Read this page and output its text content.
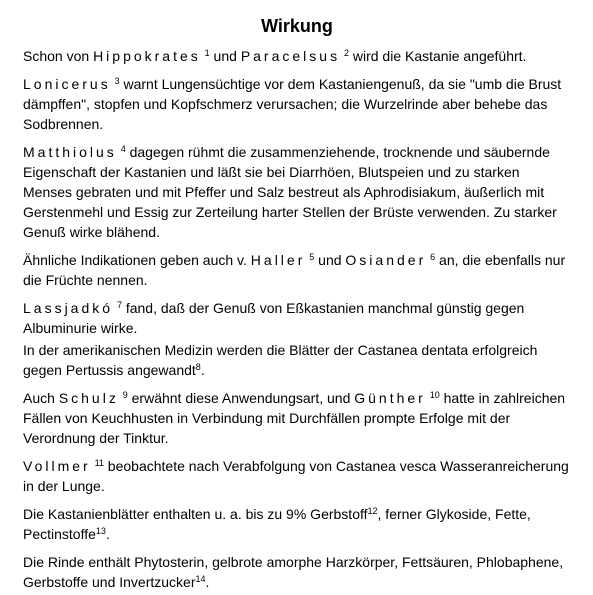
Wirkung

Schon von Hippokrates $^1$ und Paracelsus $^2$ wird die Kastanie angeführt.

Lonicerus $^3$ warnt Lungensüchtige vor dem Kastaniengenuß, da sie "umb die Brust dämpffen", stopfen und Kopfschmerz verursachen; die Wurzelrinde aber behebe das Sodbrennen.

Matthiolus $^4$ dagegen rühmt die zusammenziehende, trocknende und säubernde Eigenschaft der Kastanien und läßt sie bei Diarrhöen, Blutspeien und zu starken Menses gebraten und mit Pfeffer und Salz bestreut als Aphrodisiakum, äußerlich mit Gerstenmehl und Essig zur Zerteilung harter Stellen der Brüste verwenden. Zu starker Genuß wirke blähend.

Ähnliche Indikationen geben auch v. Haller $^5$ und Osiander $^6$ an, die ebenfalls nur die Früchte nennen.

Lassjadkó $^7$ fand, daß der Genuß von Eßkastanien manchmal günstig gegen Albuminurie wirke.

In der amerikanischen Medizin werden die Blätter der Castanea dentata erfolgreich gegen Pertussis angewandt$^8$.

Auch Schulz $^9$ erwähnt diese Anwendungsart, und Günther $^{10}$ hatte in zahlreichen Fällen von Keuchhusten in Verbindung mit Durchfällen prompte Erfolge mit der Verordnung der Tinktur.

Vollmer $^{11}$ beobachtete nach Verabfolgung von Castanea vesca Wasseranreicherung in der Lunge.

Die Kastanienblätter enthalten u. a. bis zu 9% Gerbstoff$^{12}$, ferner Glykoside, Fette, Pectinstoffe$^{13}$.

Die Rinde enthält Phytosterin, gelbrote amorphe Harzkörper, Fettsäuren, Phlobaphene, Gerbstoffe und Invertzucker$^{14}$.
